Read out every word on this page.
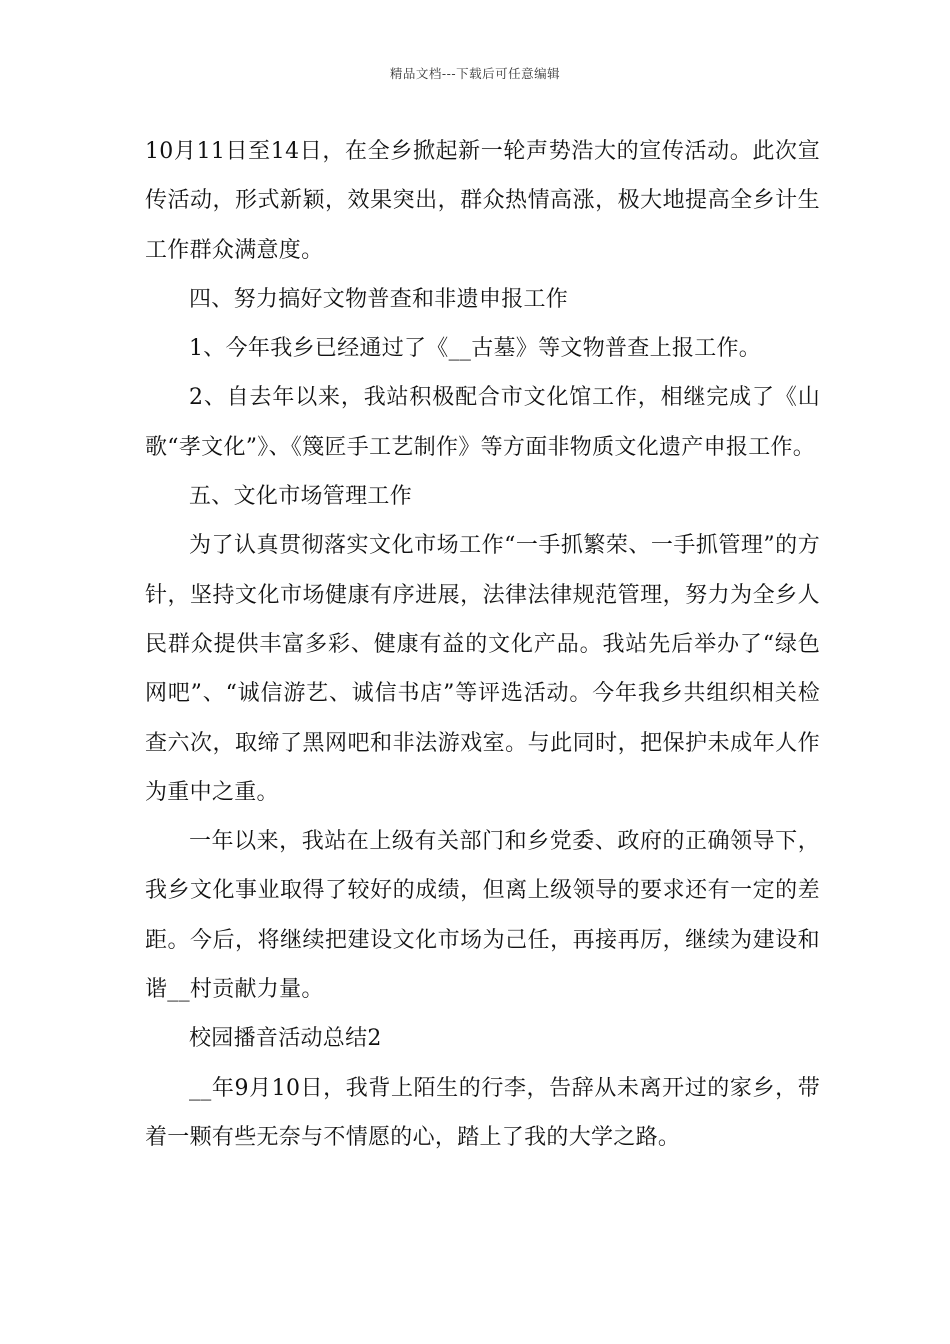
精品文档---下载后可任意编辑

10月11日至14日，在全乡掀起新一轮声势浩大的宣传活动。此次宣传活动，形式新颖，效果突出，群众热情高涨，极大地提高全乡计生工作群众满意度。

四、努力搞好文物普查和非遗申报工作

1、今年我乡已经通过了《__古墓》等文物普查上报工作。

2、自去年以来，我站积极配合市文化馆工作，相继完成了《山歌“孝文化”》、《篾匠手工艺制作》等方面非物质文化遗产申报工作。

五、文化市场管理工作

为了认真贯彻落实文化市场工作“一手抓繁荣、一手抓管理”的方针，坚持文化市场健康有序进展，法律法律规范管理，努力为全乡人民群众提供丰富多彩、健康有益的文化产品。我站先后举办了“绿色网吧”、“诚信游艺、诚信书店”等评选活动。今年我乡共组织相关检查六次，取缔了黑网吧和非法游戏室。与此同时，把保护未成年人作为重中之重。

一年以来，我站在上级有关部门和乡党委、政府的正确领导下，我乡文化事业取得了较好的成绩，但离上级领导的要求还有一定的差距。今后，将继续把建设文化市场为己任，再接再厉，继续为建设和谐__村贡献力量。

校园播音活动总结2

__年9月10日，我背上陌生的行李，告辞从未离开过的家乡，带着一颗有些无奈与不情愿的心，踏上了我的大学之路。
